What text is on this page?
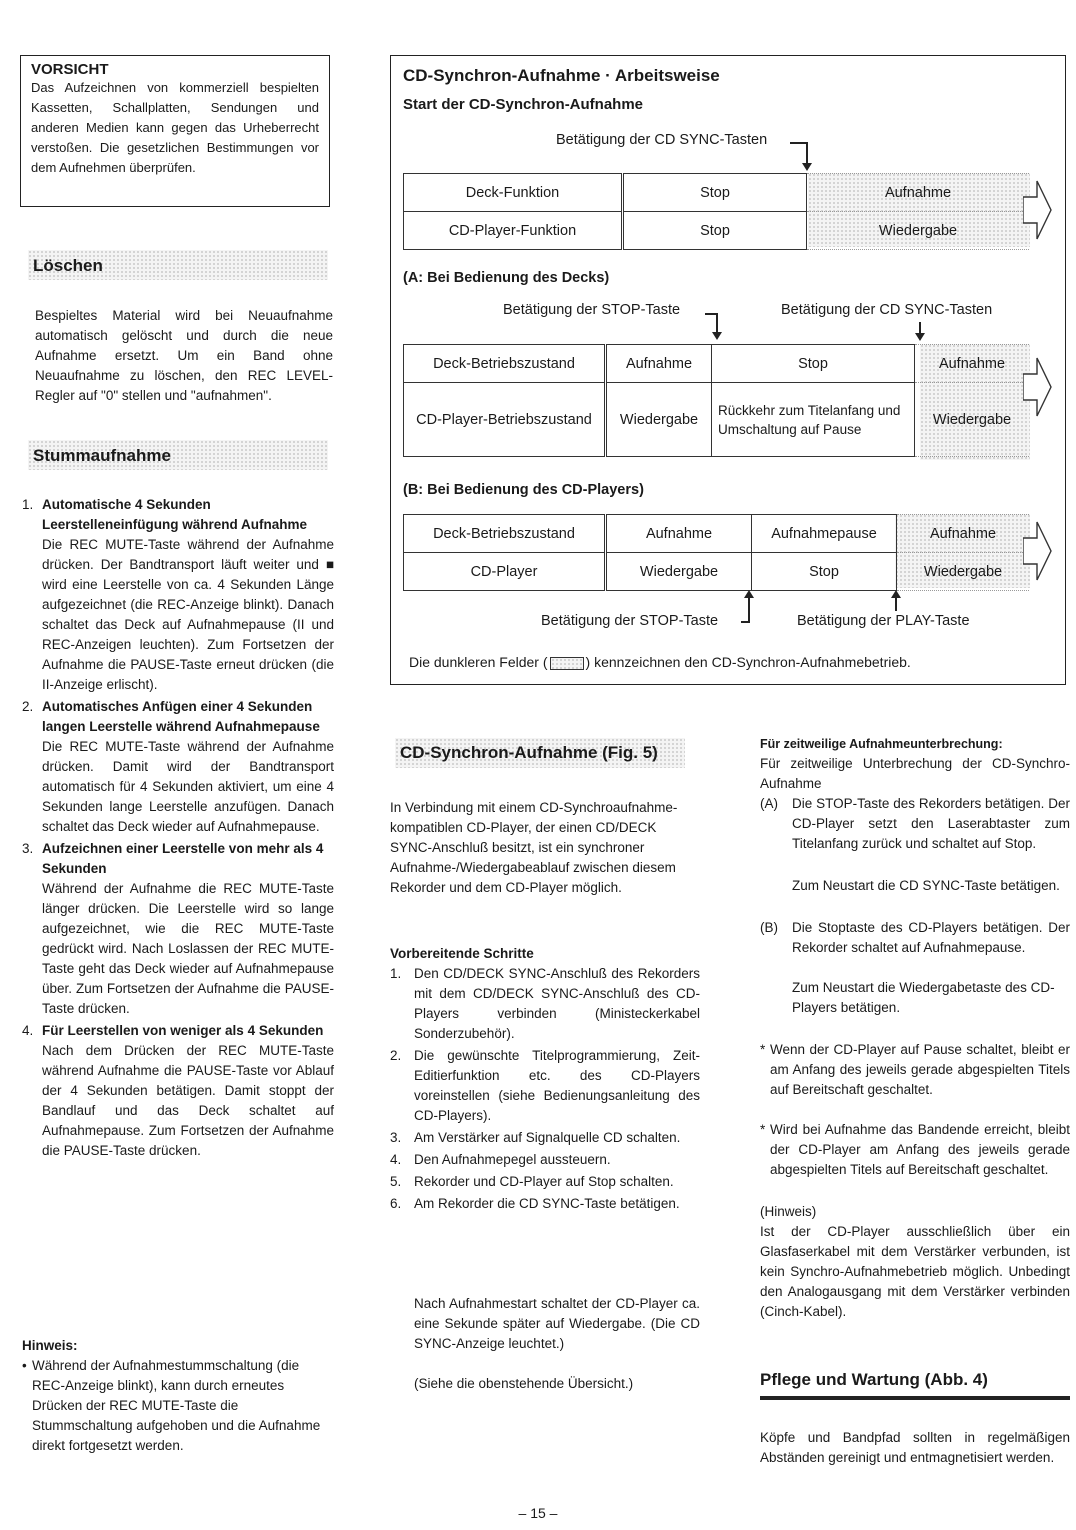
VORSICHT
Das Aufzeichnen von kommerziell bespielten Kassetten, Schallplatten, Sendungen und anderen Medien kann gegen das Urheberrecht verstoßen. Die gesetzlichen Bestimmungen vor dem Aufnehmen überprüfen.
Löschen
Bespieltes Material wird bei Neuaufnahme automatisch gelöscht und durch die neue Aufnahme ersetzt. Um ein Band ohne Neuaufnahme zu löschen, den REC LEVEL-Regler auf "0" stellen und "aufnahmen".
Stummaufnahme
1. Automatische 4 Sekunden Leerstelleneinfügung während Aufnahme
Die REC MUTE-Taste während der Aufnahme drücken. Der Bandtransport läuft weiter und ■ wird eine Leerstelle von ca. 4 Sekunden Länge aufgezeichnet (die REC-Anzeige blinkt). Danach schaltet das Deck auf Aufnahmepause (II und REC-Anzeigen leuchten). Zum Fortsetzen der Aufnahme die PAUSE-Taste erneut drücken (die II-Anzeige erlischt).
2. Automatisches Anfügen einer 4 Sekunden langen Leerstelle während Aufnahmepause
Die REC MUTE-Taste während der Aufnahme drücken. Damit wird der Bandtransport automatisch für 4 Sekunden aktiviert, um eine 4 Sekunden lange Leerstelle anzufügen. Danach schaltet das Deck wieder auf Aufnahmepause.
3. Aufzeichnen einer Leerstelle von mehr als 4 Sekunden
Während der Aufnahme die REC MUTE-Taste länger drücken. Die Leerstelle wird so lange aufgezeichnet, wie die REC MUTE-Taste gedrückt wird. Nach Loslassen der REC MUTE-Taste geht das Deck wieder auf Aufnahmepause über. Zum Fortsetzen der Aufnahme die PAUSE-Taste drücken.
4. Für Leerstellen von weniger als 4 Sekunden
Nach dem Drücken der REC MUTE-Taste während Aufnahme die PAUSE-Taste vor Ablauf der 4 Sekunden betätigen. Damit stoppt der Bandlauf und das Deck schaltet auf Aufnahmepause. Zum Fortsetzen der Aufnahme die PAUSE-Taste drücken.
Hinweis:
• Während der Aufnahmestummschaltung (die REC-Anzeige blinkt), kann durch erneutes Drücken der REC MUTE-Taste die Stummschaltung aufgehoben und die Aufnahme direkt fortgesetzt werden.
CD-Synchron-Aufnahme · Arbeitsweise
Start der CD-Synchron-Aufnahme
Betätigung der CD SYNC-Tasten
Deck-Funktion	Stop	Aufnahme
CD-Player-Funktion	Stop	Wiedergabe
(A: Bei Bedienung des Decks)
Betätigung der STOP-Taste	Betätigung der CD SYNC-Tasten
Deck-Betriebszustand	Aufnahme	Stop	Aufnahme
CD-Player-Betriebszustand	Wiedergabe	Rückkehr zum Titelanfang und Umschaltung auf Pause	Wiedergabe
(B: Bei Bedienung des CD-Players)
Deck-Betriebszustand	Aufnahme	Aufnahmepause	Aufnahme
CD-Player	Wiedergabe	Stop	Wiedergabe
Betätigung der STOP-Taste	Betätigung der PLAY-Taste
Die dunkleren Felder (	) kennzeichnen den CD-Synchron-Aufnahmebetrieb.
CD-Synchron-Aufnahme (Fig. 5)
In Verbindung mit einem CD-Synchroaufnahme-kompatiblen CD-Player, der einen CD/DECK SYNC-Anschluß besitzt, ist ein synchroner Aufnahme-/Wiedergabeablauf zwischen diesem Rekorder und dem CD-Player möglich.
Vorbereitende Schritte
1. Den CD/DECK SYNC-Anschluß des Rekorders mit dem CD/DECK SYNC-Anschluß des CD-Players verbinden (Ministeckerkabel Sonderzubehör).
2. Die gewünschte Titelprogrammierung, Zeit-Editierfunktion etc. des CD-Players voreinstellen (siehe Bedienungsanleitung des CD-Players).
3. Am Verstärker auf Signalquelle CD schalten.
4. Den Aufnahmepegel aussteuern.
5. Rekorder und CD-Player auf Stop schalten.
6. Am Rekorder die CD SYNC-Taste betätigen.
Nach Aufnahmestart schaltet der CD-Player ca. eine Sekunde später auf Wiedergabe. (Die CD SYNC-Anzeige leuchtet.)
(Siehe die obenstehende Übersicht.)
Für zeitweilige Aufnahmeunterbrechung:
Für zeitweilige Unterbrechung der CD-Synchro-Aufnahme
(A) Die STOP-Taste des Rekorders betätigen. Der CD-Player setzt den Laserabtaster zum Titelanfang zurück und schaltet auf Stop.
Zum Neustart die CD SYNC-Taste betätigen.
(B) Die Stoptaste des CD-Players betätigen. Der Rekorder schaltet auf Aufnahmepause.
Zum Neustart die Wiedergabetaste des CD-Players betätigen.
* Wenn der CD-Player auf Pause schaltet, bleibt er am Anfang des jeweils gerade abgespielten Titels auf Bereitschaft geschaltet.
* Wird bei Aufnahme das Bandende erreicht, bleibt der CD-Player am Anfang des jeweils gerade abgespielten Titels auf Bereitschaft geschaltet.
(Hinweis)
Ist der CD-Player ausschließlich über ein Glasfaserkabel mit dem Verstärker verbunden, ist kein Synchro-Aufnahmebetrieb möglich. Unbedingt den Analogausgang mit dem Verstärker verbinden (Cinch-Kabel).
Pflege und Wartung (Abb. 4)
Köpfe und Bandpfad sollten in regelmäßigen Abständen gereinigt und entmagnetisiert werden.
– 15 –
